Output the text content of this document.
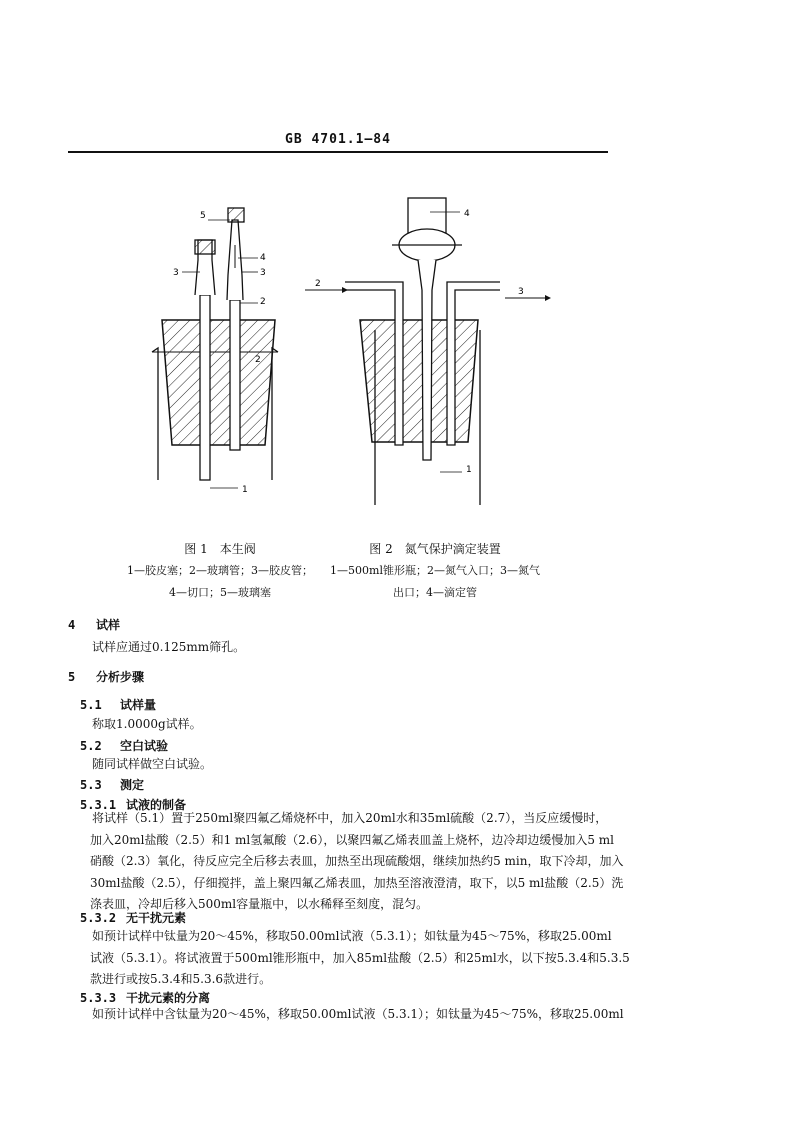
GB 4701.1—84
1
2
3	3
4
5
2
图 1　本生阀
1—胶皮塞；2—玻璃管；3—胶皮管；
4—切口；5—玻璃塞
2
3
4
1
图 2　氮气保护滴定装置
1—500ml锥形瓶；2—氮气入口；3—氮气
出口；4—滴定管
4 试样
试样应通过0.125mm筛孔。
5 分析步骤
5.1 试样量
称取1.0000g试样。
5.2 空白试验
随同试样做空白试验。
5.3 测定
5.3.1 试液的制备
将试样（5.1）置于250ml聚四氟乙烯烧杯中，加入20ml水和35ml硫酸（2.7），当反应缓慢时，
加入20ml盐酸（2.5）和1 ml氢氟酸（2.6），以聚四氟乙烯表皿盖上烧杯，边冷却边缓慢加入5 ml
硝酸（2.3）氧化，待反应完全后移去表皿，加热至出现硫酸烟，继续加热约5 min，取下冷却，加入
30ml盐酸（2.5），仔细搅拌，盖上聚四氟乙烯表皿，加热至溶液澄清，取下，以5 ml盐酸（2.5）洗
涤表皿，冷却后移入500ml容量瓶中，以水稀释至刻度，混匀。
5.3.2 无干扰元素
如预计试样中钛量为20～45%，移取50.00ml试液（5.3.1）；如钛量为45～75%，移取25.00ml
试液（5.3.1）。将试液置于500ml锥形瓶中，加入85ml盐酸（2.5）和25ml水，以下按5.3.4和5.3.5
款进行或按5.3.4和5.3.6款进行。
5.3.3 干扰元素的分离
如预计试样中含钛量为20～45%，移取50.00ml试液（5.3.1）；如钛量为45～75%，移取25.00ml
